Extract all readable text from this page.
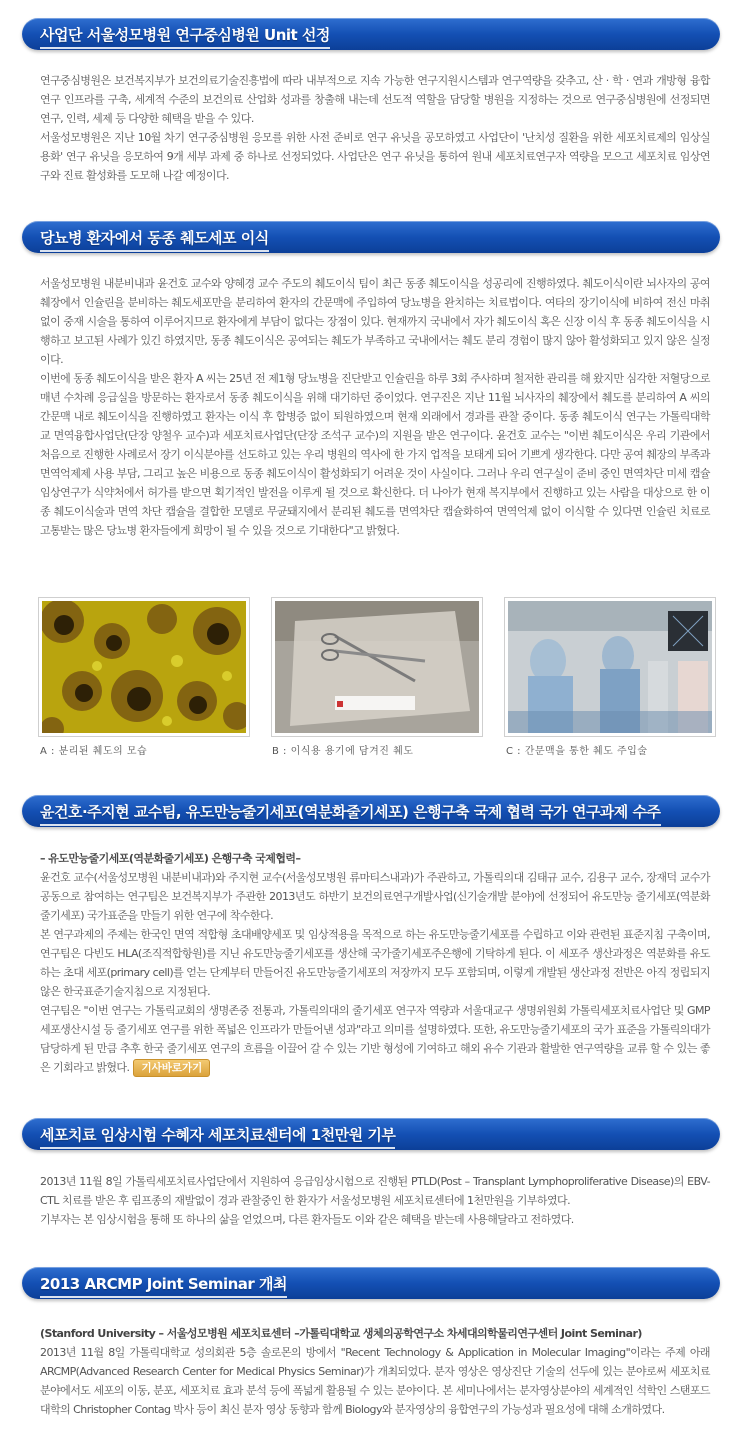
사업단 서울성모병원 연구중심병원 Unit 선정

연구중심병원은 보건복지부가 보건의료기술진흥법에 따라 내부적으로 지속 가능한 연구지원시스템과 연구역량을 갖추고, 산 · 학 · 연과 개방형 융합연구 인프라를 구축, 세계적 수준의 보건의료 산업화 성과를 창출해 내는데 선도적 역할을 담당할 병원을 지정하는 것으로 연구중심병원에 선정되면 연구, 인력, 세제 등 다양한 혜택을 받을 수 있다.

서울성모병원은 지난 10월 차기 연구중심병원 응모를 위한 사전 준비로 연구 유닛을 공모하였고 사업단이 '난치성 질환을 위한 세포치료제의 임상실용화' 연구 유닛을 응모하여 9개 세부 과제 중 하나로 선정되었다. 사업단은 연구 유닛을 통하여 원내 세포치료연구자 역량을 모으고 세포치료 임상연구와 진료 활성화를 도모해 나갈 예정이다.

당뇨병 환자에서 동종 췌도세포 이식

서울성모병원 내분비내과 윤건호 교수와 양혜경 교수 주도의 췌도이식 팀이 최근 동종 췌도이식을 성공리에 진행하였다. 췌도이식이란 뇌사자의 공여 췌장에서 인슐린을 분비하는 췌도세포만을 분리하여 환자의 간문맥에 주입하여 당뇨병을 완치하는 치료법이다. 여타의 장기이식에 비하여 전신 마취 없이 중재 시술을 통하여 이루어지므로 환자에게 부담이 없다는 장점이 있다. 현재까지 국내에서 자가 췌도이식 혹은 신장 이식 후 동종 췌도이식을 시행하고 보고된 사례가 있긴 하였지만, 동종 췌도이식은 공여되는 췌도가 부족하고 국내에서는 췌도 분리 경험이 많지 않아 활성화되고 있지 않은 실정이다.

이번에 동종 췌도이식을 받은 환자 A 씨는 25년 전 제1형 당뇨병을 진단받고 인슐린을 하루 3회 주사하며 철저한 관리를 해 왔지만 심각한 저혈당으로 매년 수차례 응급실을 방문하는 환자로서 동종 췌도이식을 위해 대기하던 중이었다. 연구진은 지난 11월 뇌사자의 췌장에서 췌도를 분리하여 A 씨의 간문맥 내로 췌도이식을 진행하였고 환자는 이식 후 합병증 없이 퇴원하였으며 현재 외래에서 경과를 관찰 중이다. 동종 췌도이식 연구는 가톨릭대학교 면역융합사업단(단장 양철우 교수)과 세포치료사업단(단장 조석구 교수)의 지원을 받은 연구이다. 윤건호 교수는 "이번 췌도이식은 우리 기관에서 처음으로 진행한 사례로서 장기 이식분야를 선도하고 있는 우리 병원의 역사에 한 가지 업적을 보태게 되어 기쁘게 생각한다. 다만 공여 췌장의 부족과 면역억제제 사용 부담, 그리고 높은 비용으로 동종 췌도이식이 활성화되기 어려운 것이 사실이다. 그러나 우리 연구실이 준비 중인 면역차단 미세 캡슐 임상연구가 식약처에서 허가를 받으면 획기적인 발전을 이루게 될 것으로 확신한다. 더 나아가 현재 복지부에서 진행하고 있는 사람을 대상으로 한 이종 췌도이식술과 면역 차단 캡슐을 결합한 모델로 무균돼지에서 분리된 췌도를 면역차단 캡슐화하여 면역억제 없이 이식할 수 있다면 인슐린 치료로 고통받는 많은 당뇨병 환자들에게 희망이 될 수 있을 것으로 기대한다"고 밝혔다.

A : 분리된 췌도의 모습	B : 이식용 용기에 담겨진 췌도	C : 간문맥을 통한 췌도 주입술
윤건호·주지현 교수팀, 유도만능줄기세포(역분화줄기세포) 은행구축 국제 협력 국가 연구과제 수주

– 유도만능줄기세포(역분화줄기세포) 은행구축 국제협력–

윤건호 교수(서울성모병원 내분비내과)와 주지현 교수(서울성모병원 류마티스내과)가 주관하고, 가톨릭의대 김태규 교수, 김용구 교수, 장재덕 교수가 공동으로 참여하는 연구팀은 보건복지부가 주관한 2013년도 하반기 보건의료연구개발사업(신기술개발 분야)에 선정되어 유도만능 줄기세포(역분화줄기세포) 국가표준을 만들기 위한 연구에 착수한다.

본 연구과제의 주제는 한국인 면역 적합형 초대배양세포 및 임상적용을 목적으로 하는 유도만능줄기세포를 수립하고 이와 관련된 표준지침 구축이며, 연구팀은 다빈도 HLA(조직적합항원)를 지닌 유도만능줄기세포를 생산해 국가줄기세포주은행에 기탁하게 된다. 이 세포주 생산과정은 역분화를 유도하는 초대 세포(primary cell)를 얻는 단계부터 만들어진 유도만능줄기세포의 저장까지 모두 포함되며, 이렇게 개발된 생산과정 전반은 아직 정립되지 않은 한국표준기술지침으로 지정된다.

연구팀은 "이번 연구는 가톨릭교회의 생명존중 전통과, 가톨릭의대의 줄기세포 연구자 역량과 서울대교구 생명위원회 가톨릭세포치료사업단 및 GMP 세포생산시설 등 줄기세포 연구를 위한 폭넓은 인프라가 만들어낸 성과"라고 의미를 설명하였다. 또한, 유도만능줄기세포의 국가 표준을 가톨릭의대가 담당하게 된 만큼 추후 한국 줄기세포 연구의 흐름을 이끌어 갈 수 있는 기반 형성에 기여하고 해외 유수 기관과 활발한 연구역량을 교류 할 수 있는 좋은 기회라고 밝혔다. 기사바로가기

세포치료 임상시험 수혜자 세포치료센터에 1천만원 기부

2013년 11월 8일 가톨릭세포치료사업단에서 지원하여 응급임상시험으로 진행된 PTLD(Post – Transplant Lymphoproliferative Disease)의 EBV-CTL 치료를 받은 후 림프종의 재발없이 경과 관찰중인 한 환자가 서울성모병원 세포치료센터에 1천만원을 기부하였다.

기부자는 본 임상시험을 통해 또 하나의 삶을 얻었으며, 다른 환자들도 이와 같은 혜택을 받는데 사용해달라고 전하였다.

2013 ARCMP Joint Seminar 개최

(Stanford University – 서울성모병원 세포치료센터 –가톨릭대학교 생체의공학연구소 차세대의학물리연구센터 Joint Seminar)

2013년 11월 8일 가톨릭대학교 성의회관 5층 솔로몬의 방에서 "Recent Technology & Application in Molecular Imaging"이라는 주제 아래 ARCMP(Advanced Research Center for Medical Physics Seminar)가 개최되었다. 분자 영상은 영상진단 기술의 선두에 있는 분야로써 세포치료분야에서도 세포의 이동, 분포, 세포치료 효과 분석 등에 폭넓게 활용될 수 있는 분야이다. 본 세미나에서는 분자영상분야의 세계적인 석학인 스탠포드 대학의 Christopher Contag 박사 등이 최신 분자 영상 동향과 함께 Biology와 분자영상의 융합연구의 가능성과 필요성에 대해 소개하였다.
